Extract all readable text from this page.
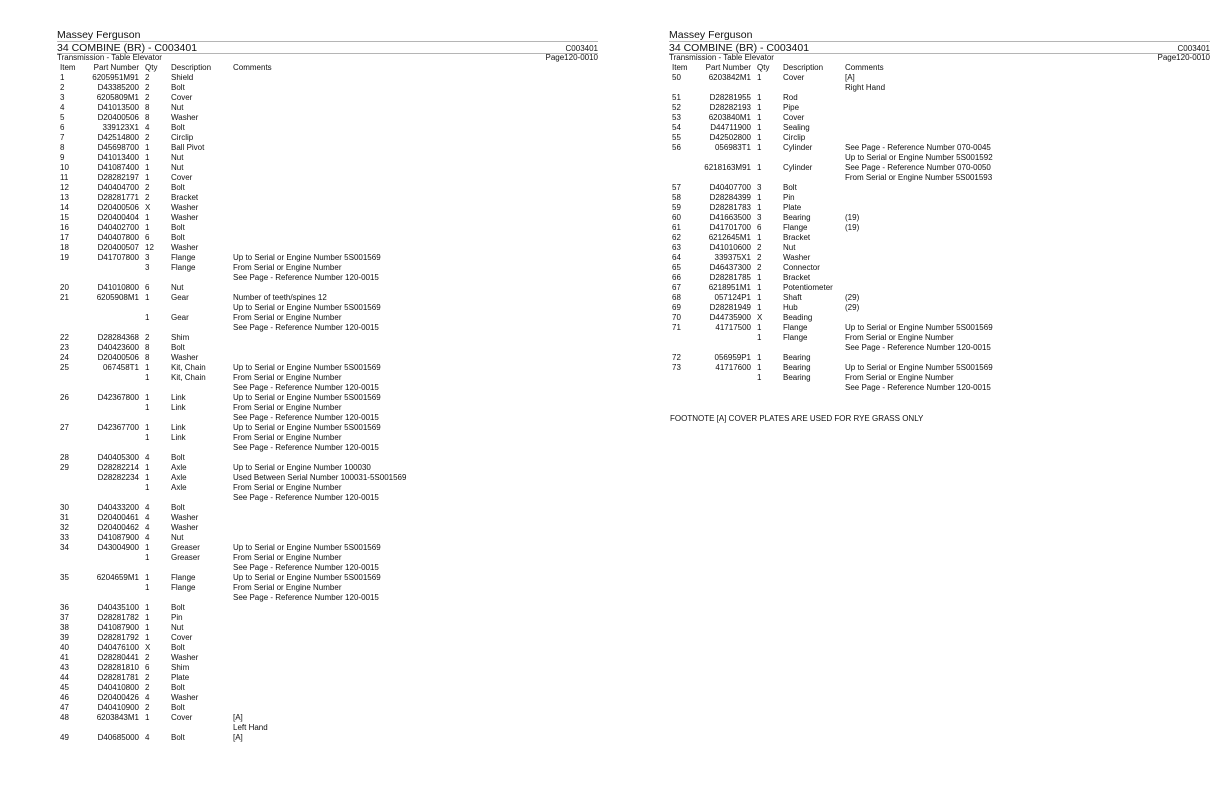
Massey Ferguson
34 COMBINE (BR) - C003401	C003401
Transmission - Table Elevator	Page120-0010
Item	Part Number Qty Description	Comments
1	6205951M91 2	Shield
2	D43385200 2	Bolt
3	6205809M1 2	Cover
4	D41013500 8	Nut
5	D20400506 8	Washer
6	339123X1 4	Bolt
7	D42514800 2	Circlip
8	D45698700 1	Ball Pivot
9	D41013400 1	Nut
10	D41087400 1	Nut
11	D28282197 1	Cover
12	D40404700 2	Bolt
13	D28281771 2	Bracket
14	D20400506 X	Washer
15	D20400404 1	Washer
16	D40402700 1	Bolt
17	D40407800 6	Bolt
18	D20400507 12	Washer
19	D41707800 3	Flange	Up to Serial or Engine Number 5S001569
3	Flange	From Serial or Engine Number
See Page - Reference Number 120-0015
20	D41010800 6	Nut
21	6205908M1 1	Gear	Number of teeth/spines 12
Up to Serial or Engine Number 5S001569
1	Gear	From Serial or Engine Number
See Page - Reference Number 120-0015
22	D28284368 2	Shim
23	D40423600 8	Bolt
24	D20400506 8	Washer
25	067458T1 1	Kit, Chain	Up to Serial or Engine Number 5S001569
1	Kit, Chain	From Serial or Engine Number
See Page - Reference Number 120-0015
26	D42367800 1	Link	Up to Serial or Engine Number 5S001569
1	Link	From Serial or Engine Number
See Page - Reference Number 120-0015
27	D42367700 1	Link	Up to Serial or Engine Number 5S001569
1	Link	From Serial or Engine Number
See Page - Reference Number 120-0015
28	D40405300 4	Bolt
29	D28282214 1	Axle	Up to Serial or Engine Number 100030
D28282234 1	Axle	Used Between Serial Number 100031-5S001569
1	Axle	From Serial or Engine Number
See Page - Reference Number 120-0015
30	D40433200 4	Bolt
31	D20400461 4	Washer
32	D20400462 4	Washer
33	D41087900 4	Nut
34	D43004900 1	Greaser	Up to Serial or Engine Number 5S001569
1	Greaser	From Serial or Engine Number
See Page - Reference Number 120-0015
35	6204659M1 1	Flange	Up to Serial or Engine Number 5S001569
1	Flange	From Serial or Engine Number
See Page - Reference Number 120-0015
36	D40435100 1	Bolt
37	D28281782 1	Pin
38	D41087900 1	Nut
39	D28281792 1	Cover
40	D40476100 X	Bolt
41	D28280441 2	Washer
43	D28281810 6	Shim
44	D28281781 2	Plate
45	D40410800 2	Bolt
46	D20400426 4	Washer
47	D40410900 2	Bolt
48	6203843M1 1	Cover	[A]
Left Hand
49	D40685000 4	Bolt	[A]
Massey Ferguson
34 COMBINE (BR) - C003401	C003401
Transmission - Table Elevator	Page120-0010
Item	Part Number Qty Description	Comments
50	6203842M1 1	Cover	[A]
Right Hand
51	D28281955 1	Rod
52	D28282193 1	Pipe
53	6203840M1 1	Cover
54	D44711900 1	Sealing
55	D42502800 1	Circlip
56	056983T1 1	Cylinder	See Page - Reference Number 070-0045
Up to Serial or Engine Number 5S001592
6218163M91 1	Cylinder	See Page - Reference Number 070-0050
From Serial or Engine Number 5S001593
57	D40407700 3	Bolt
58	D28284399 1	Pin
59	D28281783 1	Plate
60	D41663500 3	Bearing	(19)
61	D41701700 6	Flange	(19)
62	6212645M1 1	Bracket
63	D41010600 2	Nut
64	339375X1 2	Washer
65	D46437300 2	Connector
66	D28281785 1	Bracket
67	6218951M1 1	Potentiometer
68	057124P1 1	Shaft	(29)
69	D28281949 1	Hub	(29)
70	D44735900 X	Beading
71	41717500 1	Flange	Up to Serial or Engine Number 5S001569
1	Flange	From Serial or Engine Number
See Page - Reference Number 120-0015
72	056959P1 1	Bearing
73	41717600 1	Bearing	Up to Serial or Engine Number 5S001569
1	Bearing	From Serial or Engine Number
See Page - Reference Number 120-0015
FOOTNOTE [A] COVER PLATES ARE USED FOR RYE GRASS ONLY
